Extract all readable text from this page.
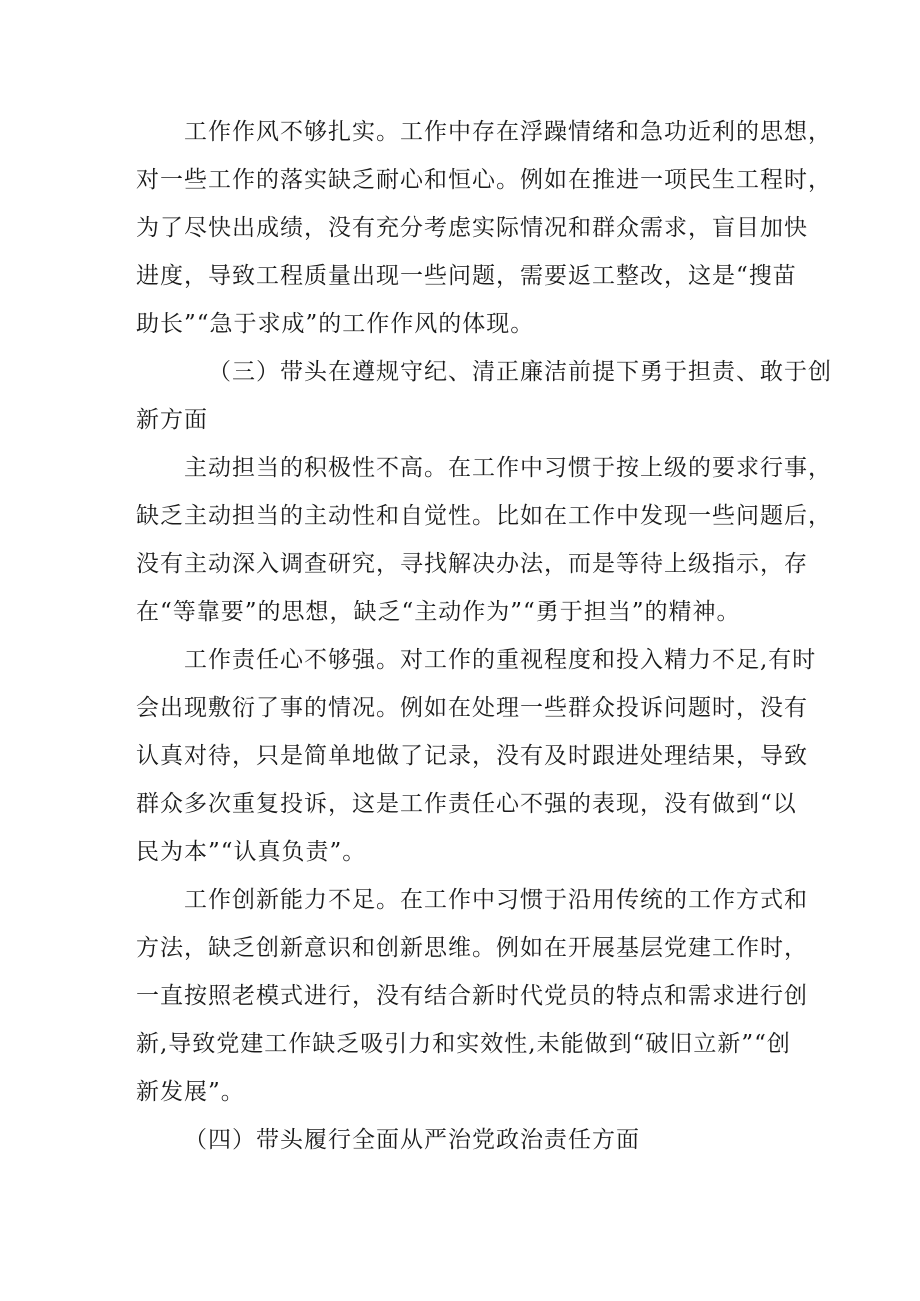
工作作风不够扎实。工作中存在浮躁情绪和急功近利的思想，
对一些工作的落实缺乏耐心和恒心。例如在推进一项民生工程时，
为了尽快出成绩，没有充分考虑实际情况和群众需求，盲目加快
进度，导致工程质量出现一些问题，需要返工整改，这是“搜苗
助长”“急于求成”的工作作风的体现。
（三）带头在遵规守纪、清正廉洁前提下勇于担责、敢于创
新方面
主动担当的积极性不高。在工作中习惯于按上级的要求行事，
缺乏主动担当的主动性和自觉性。比如在工作中发现一些问题后，
没有主动深入调查研究，寻找解决办法，而是等待上级指示，存
在“等靠要”的思想，缺乏“主动作为”“勇于担当”的精神。
工作责任心不够强。对工作的重视程度和投入精力不足,有时
会出现敷衍了事的情况。例如在处理一些群众投诉问题时，没有
认真对待，只是简单地做了记录，没有及时跟进处理结果，导致
群众多次重复投诉，这是工作责任心不强的表现，没有做到“以
民为本”“认真负责”。
工作创新能力不足。在工作中习惯于沿用传统的工作方式和
方法，缺乏创新意识和创新思维。例如在开展基层党建工作时，
一直按照老模式进行，没有结合新时代党员的特点和需求进行创
新,导致党建工作缺乏吸引力和实效性,未能做到“破旧立新”“创
新发展”。
（四）带头履行全面从严治党政治责任方面
